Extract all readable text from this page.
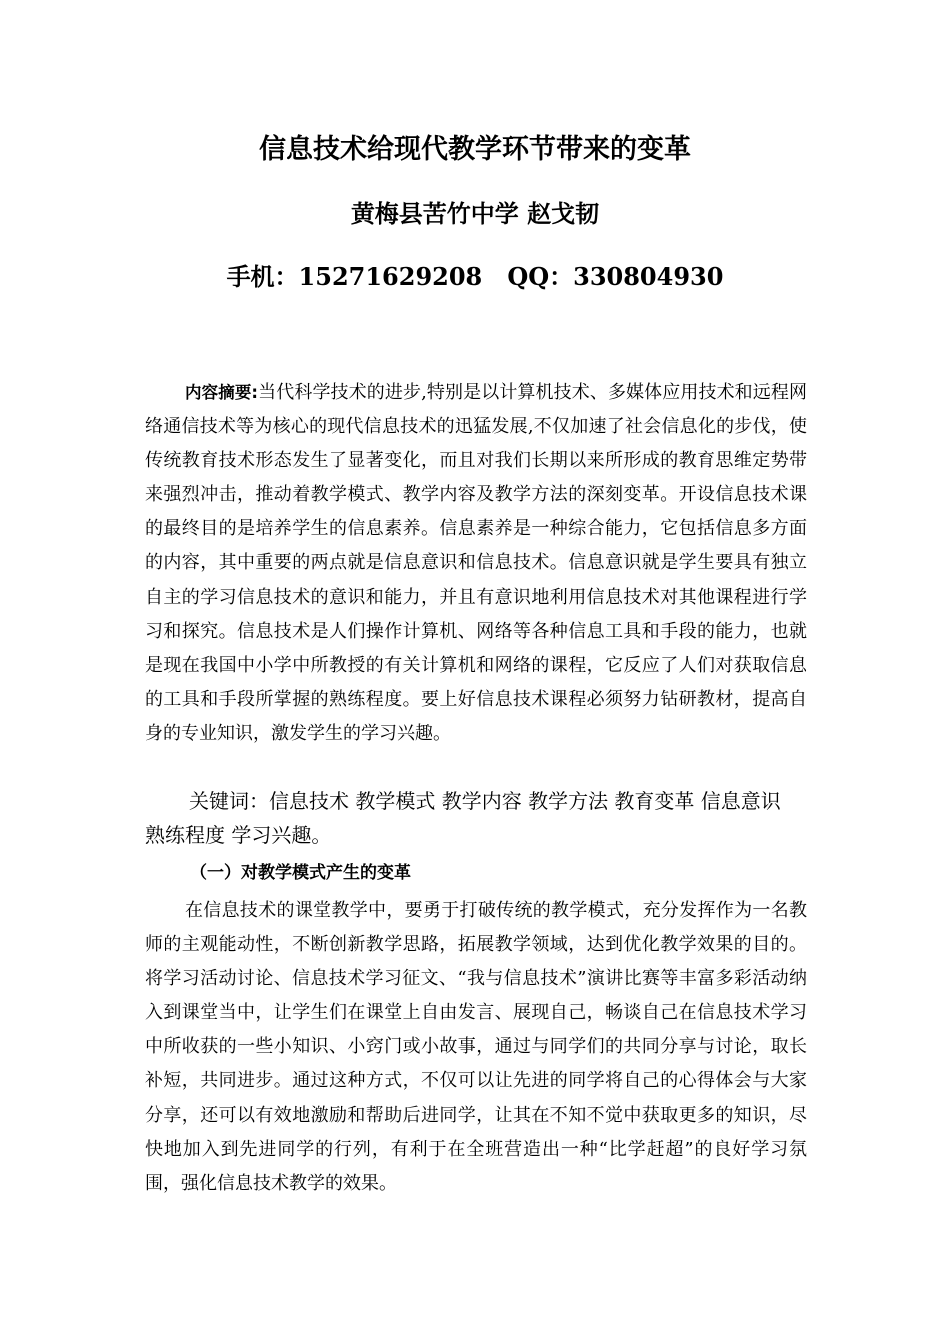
信息技术给现代教学环节带来的变革
黄梅县苦竹中学 赵戈韧
手机：15271629208   QQ：330804930

内容摘要:当代科学技术的进步,特别是以计算机技术、多媒体应用技术和远程网络通信技术等为核心的现代信息技术的迅猛发展,不仅加速了社会信息化的步伐，使传统教育技术形态发生了显著变化，而且对我们长期以来所形成的教育思维定势带来强烈冲击，推动着教学模式、教学内容及教学方法的深刻变革。开设信息技术课的最终目的是培养学生的信息素养。信息素养是一种综合能力，它包括信息多方面的内容，其中重要的两点就是信息意识和信息技术。信息意识就是学生要具有独立自主的学习信息技术的意识和能力，并且有意识地利用信息技术对其他课程进行学习和探究。信息技术是人们操作计算机、网络等各种信息工具和手段的能力，也就是现在我国中小学中所教授的有关计算机和网络的课程，它反应了人们对获取信息的工具和手段所掌握的熟练程度。要上好信息技术课程必须努力钻研教材，提高自身的专业知识，激发学生的学习兴趣。

关键词：信息技术 教学模式 教学内容 教学方法 教育变革 信息意识 熟练程度 学习兴趣。

（一）对教学模式产生的变革

在信息技术的课堂教学中，要勇于打破传统的教学模式，充分发挥作为一名教师的主观能动性，不断创新教学思路，拓展教学领域，达到优化教学效果的目的。将学习活动讨论、信息技术学习征文、“我与信息技术”演讲比赛等丰富多彩活动纳入到课堂当中，让学生们在课堂上自由发言、展现自己，畅谈自己在信息技术学习中所收获的一些小知识、小窍门或小故事，通过与同学们的共同分享与讨论，取长补短，共同进步。通过这种方式，不仅可以让先进的同学将自己的心得体会与大家分享，还可以有效地激励和帮助后进同学，让其在不知不觉中获取更多的知识，尽快地加入到先进同学的行列，有利于在全班营造出一种“比学赶超”的良好学习氛围，强化信息技术教学的效果。
